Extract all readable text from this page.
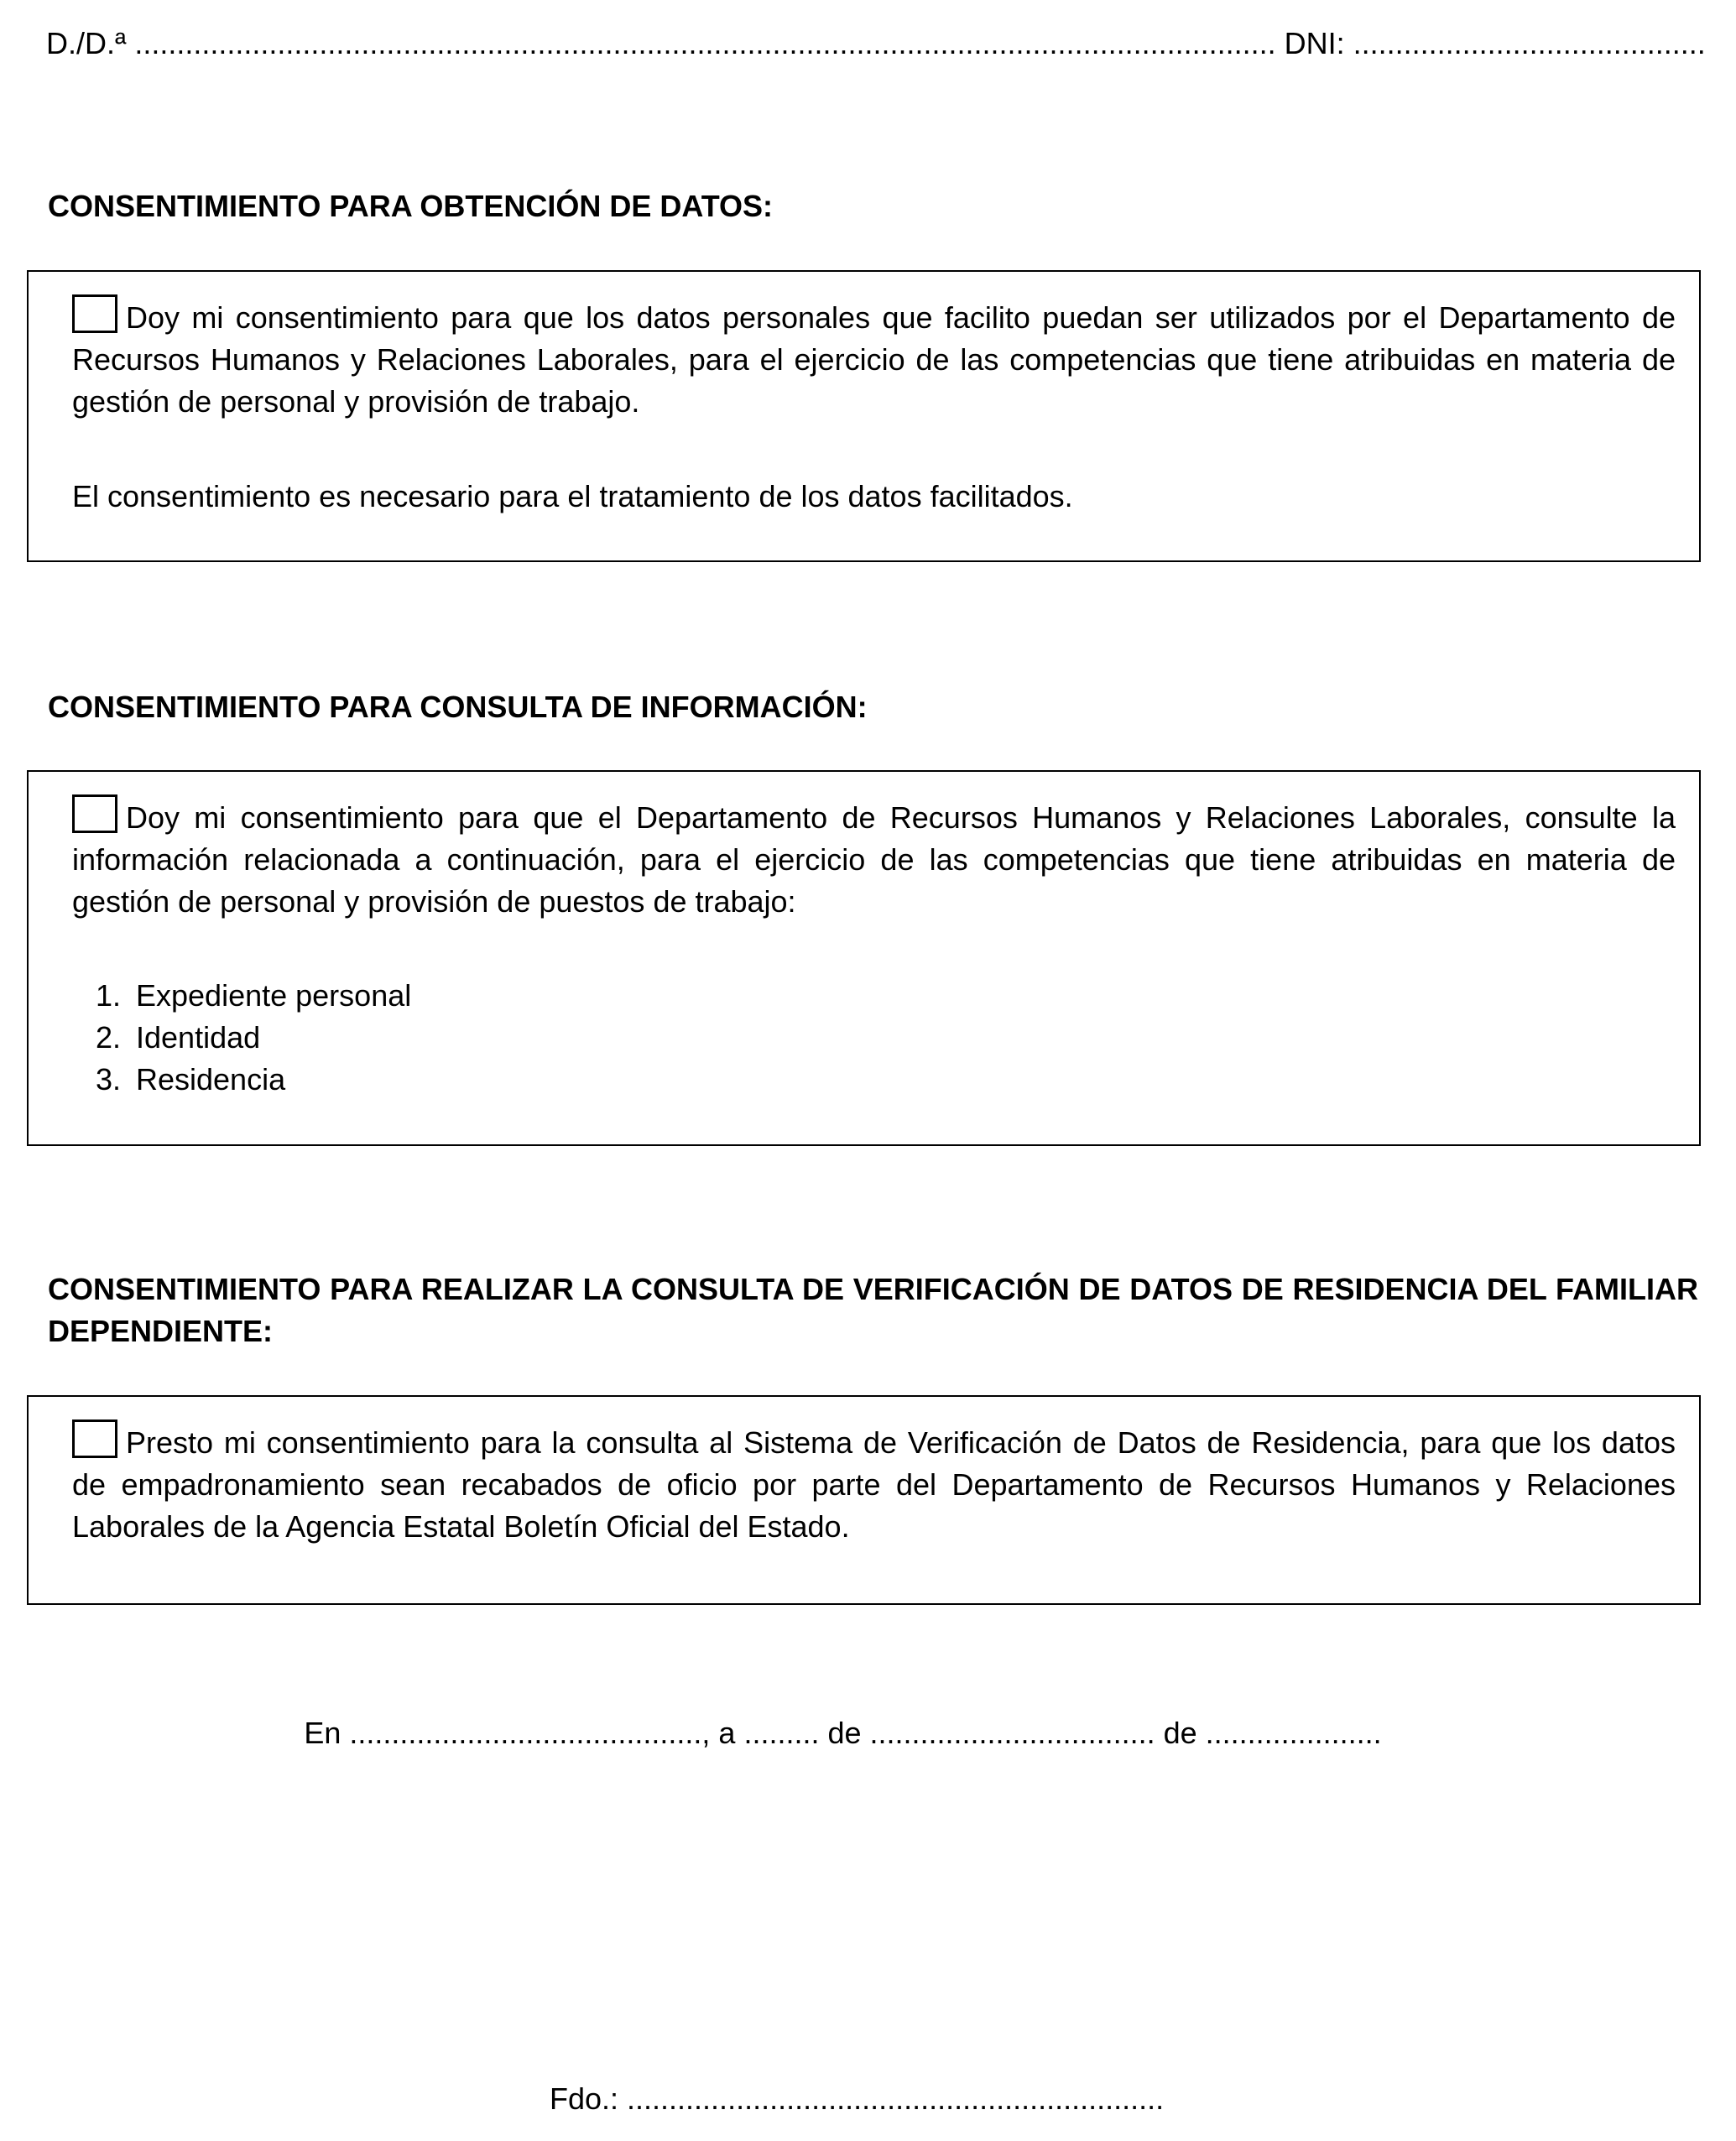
D./D.ª ........................................................................................................................................ DNI: ..........................................
CONSENTIMIENTO PARA OBTENCIÓN DE DATOS:
Doy mi consentimiento para que los datos personales que facilito puedan ser utilizados por el Departamento de Recursos Humanos y Relaciones Laborales, para el ejercicio de las competencias que tiene atribuidas en materia de gestión de personal y provisión de trabajo.
El consentimiento es necesario para el tratamiento de los datos facilitados.
CONSENTIMIENTO PARA CONSULTA DE INFORMACIÓN:
Doy mi consentimiento para que el Departamento de Recursos Humanos y Relaciones Laborales, consulte la información relacionada a continuación, para el ejercicio de las competencias que tiene atribuidas en materia de gestión de personal y provisión de puestos de trabajo:
1. Expediente personal
2. Identidad
3. Residencia
CONSENTIMIENTO PARA REALIZAR LA CONSULTA DE VERIFICACIÓN DE DATOS DE RESIDENCIA DEL FAMILIAR DEPENDIENTE:
Presto mi consentimiento para la consulta al Sistema de Verificación de Datos de Residencia, para que los datos de empadronamiento sean recabados de oficio por parte del Departamento de Recursos Humanos y Relaciones Laborales de la Agencia Estatal Boletín Oficial del Estado.
En .........................................., a ......... de .................................. de .....................
Fdo.: ................................................................
